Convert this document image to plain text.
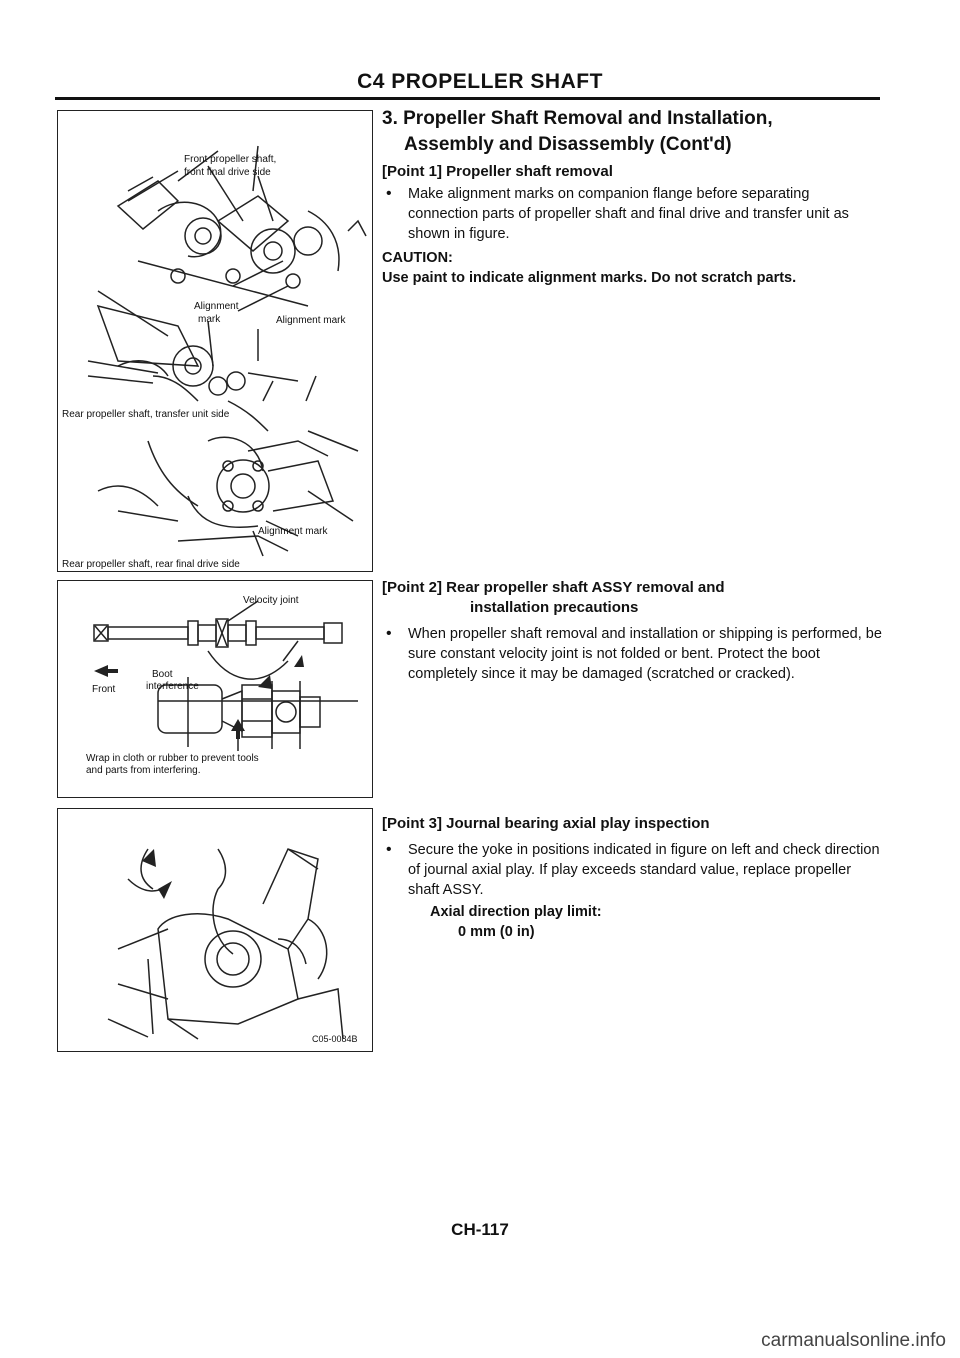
C4 PROPELLER SHAFT
Front propeller shaft,
front final drive side
Alignment
mark	Alignment mark
Rear propeller shaft, transfer unit side
Alignment mark
Rear propeller shaft, rear final drive side
Velocity joint
Front
Boot
interference
Wrap in cloth or rubber to prevent tools
and parts from interfering.
C05-0084B

3. Propeller Shaft Removal and Installation,

Assembly and Disassembly (Cont'd)

[Point 1] Propeller shaft removal

• Make alignment marks on companion flange before separating connection parts of propeller shaft and final drive and transfer unit as shown in figure.

CAUTION:

Use paint to indicate alignment marks. Do not scratch parts.

[Point 2] Rear propeller shaft ASSY removal and
installation precautions

• When propeller shaft removal and installation or shipping is performed, be sure constant velocity joint is not folded or bent. Protect the boot completely since it may be damaged (scratched or cracked).

[Point 3] Journal bearing axial play inspection

• Secure the yoke in positions indicated in figure on left and check direction of journal axial play. If play exceeds standard value, replace propeller shaft ASSY.

Axial direction play limit:
0 mm (0 in)
CH-117
carmanualsonline.info
